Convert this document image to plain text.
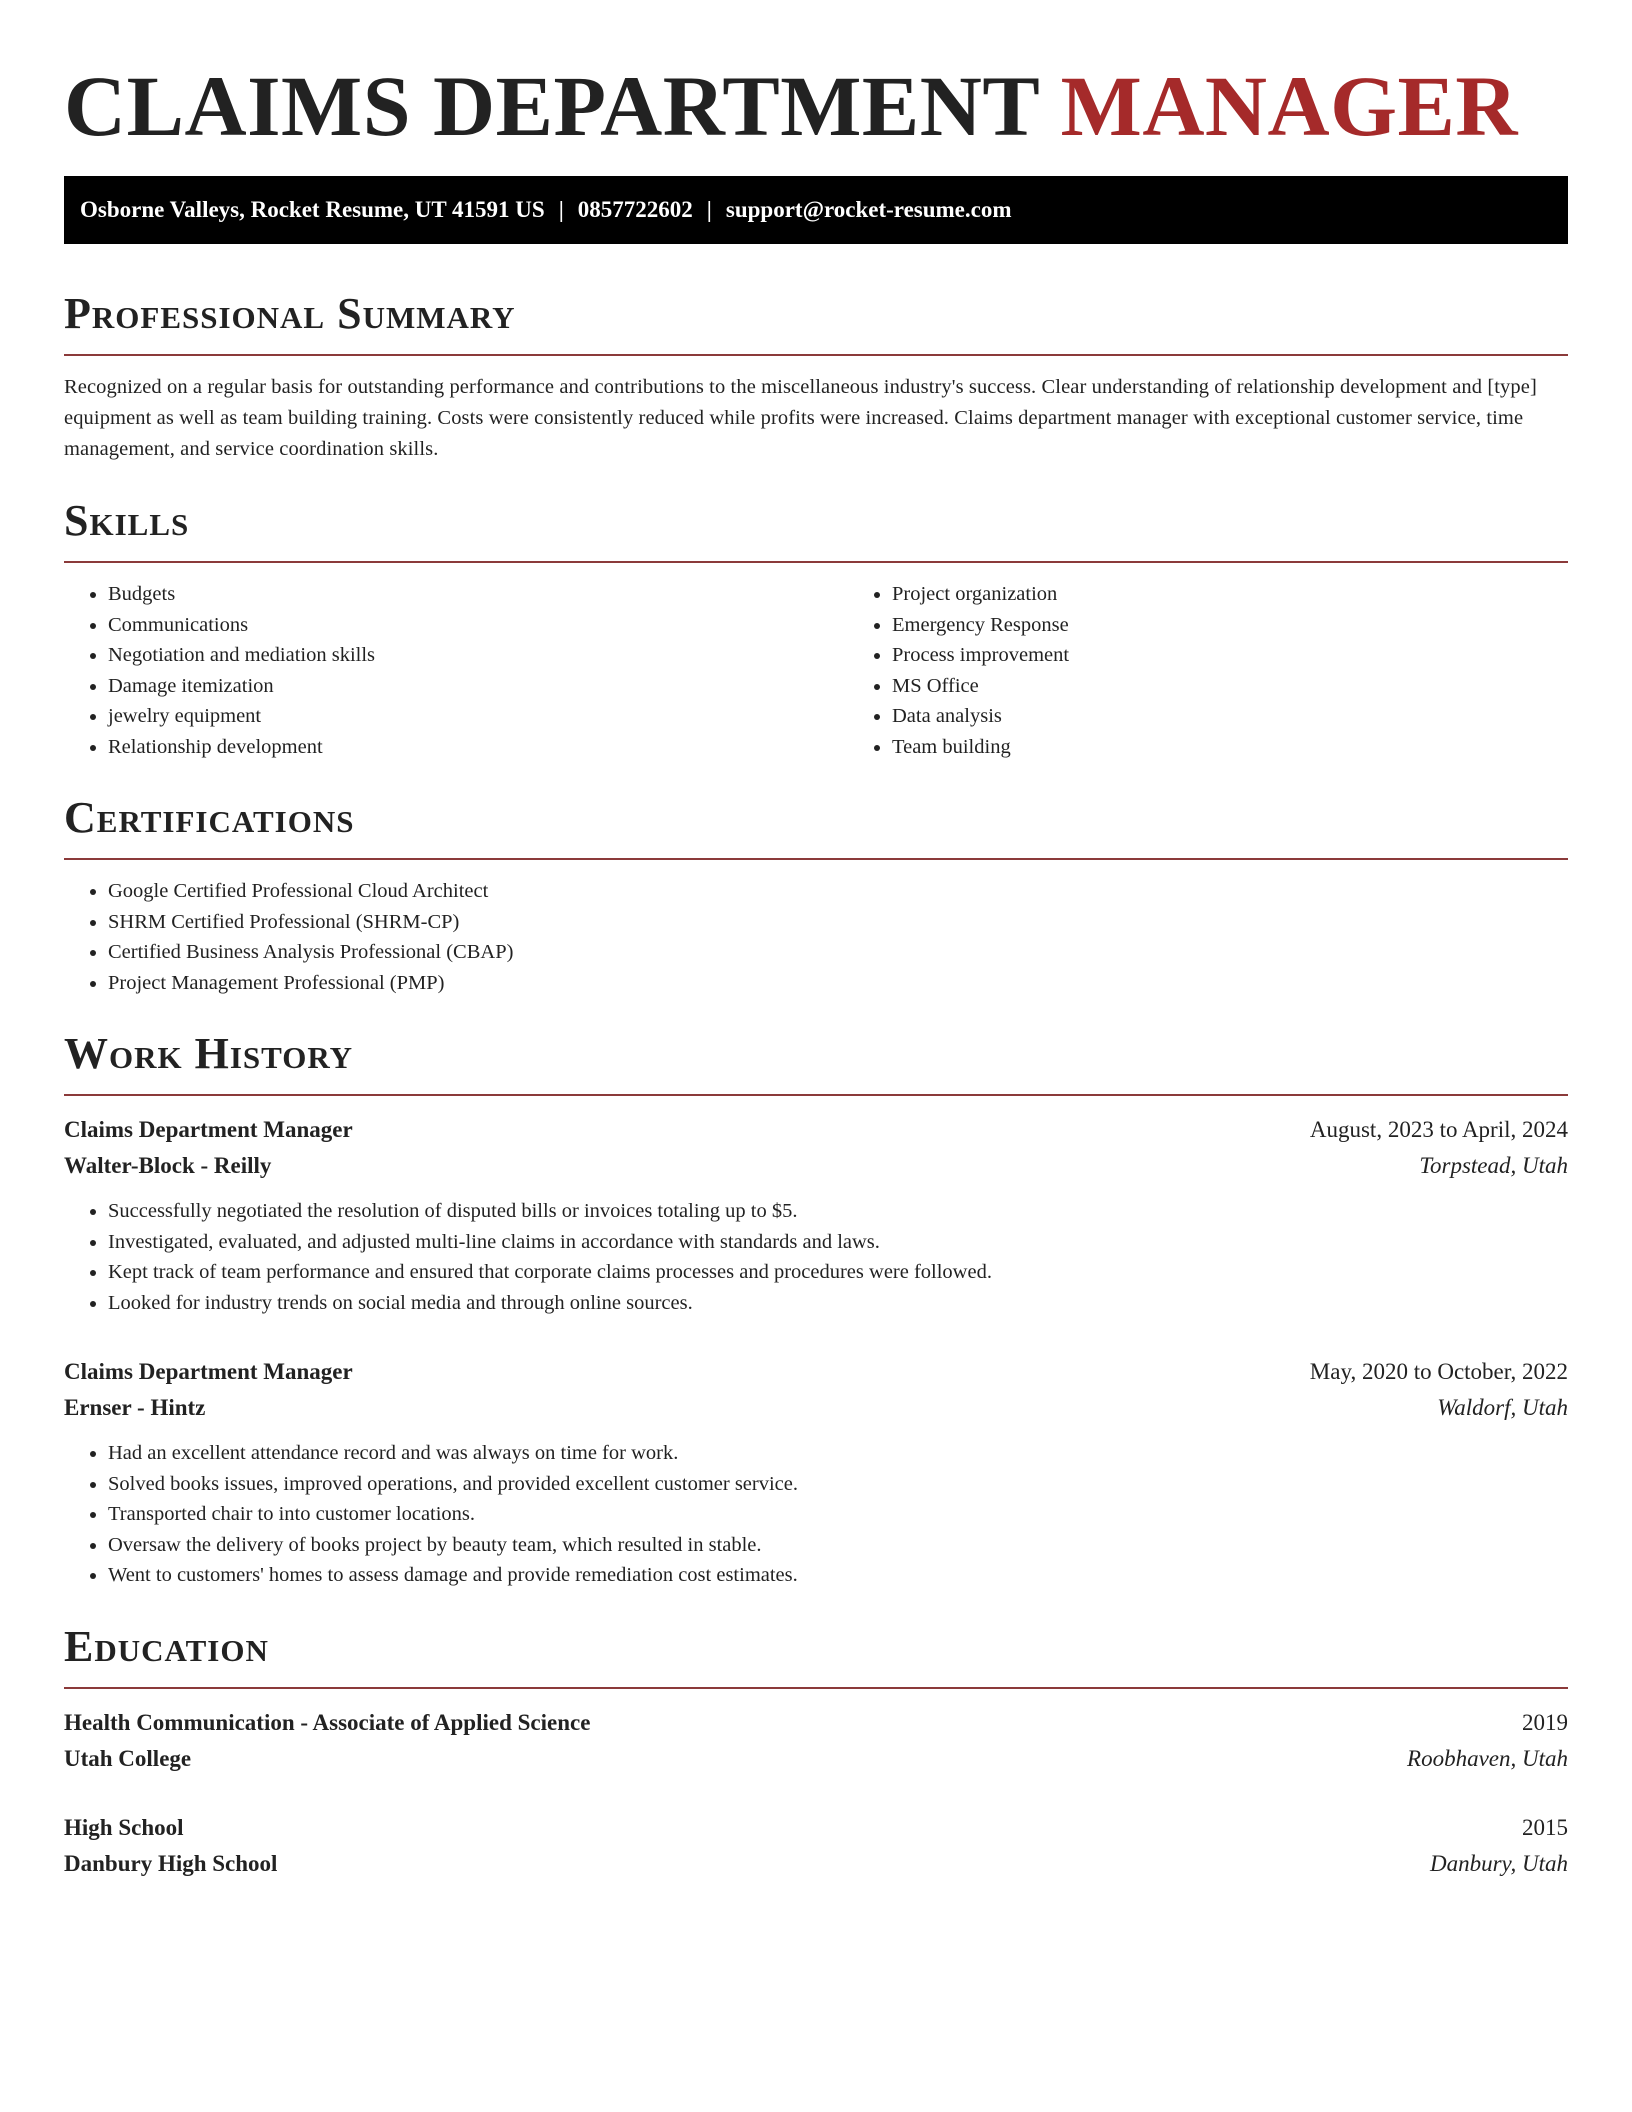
CLAIMS DEPARTMENT MANAGER
Osborne Valleys, Rocket Resume, UT 41591 US | 0857722602 | support@rocket-resume.com
Professional Summary

Recognized on a regular basis for outstanding performance and contributions to the miscellaneous industry's success. Clear understanding of relationship development and [type] equipment as well as team building training. Costs were consistently reduced while profits were increased. Claims department manager with exceptional customer service, time management, and service coordination skills.

Skills
• Budgets
• Communications
• Negotiation and mediation skills
• Damage itemization
• jewelry equipment
• Relationship development
• Project organization
• Emergency Response
• Process improvement
• MS Office
• Data analysis
• Team building
Certifications
• Google Certified Professional Cloud Architect
• SHRM Certified Professional (SHRM-CP)
• Certified Business Analysis Professional (CBAP)
• Project Management Professional (PMP)
Work History
Claims Department Manager	August, 2023 to April, 2024
Walter-Block - Reilly	Torpstead, Utah
• Successfully negotiated the resolution of disputed bills or invoices totaling up to $5.
• Investigated, evaluated, and adjusted multi-line claims in accordance with standards and laws.
• Kept track of team performance and ensured that corporate claims processes and procedures were followed.
• Looked for industry trends on social media and through online sources.
Claims Department Manager	May, 2020 to October, 2022
Ernser - Hintz	Waldorf, Utah
• Had an excellent attendance record and was always on time for work.
• Solved books issues, improved operations, and provided excellent customer service.
• Transported chair to into customer locations.
• Oversaw the delivery of books project by beauty team, which resulted in stable.
• Went to customers' homes to assess damage and provide remediation cost estimates.
Education
Health Communication - Associate of Applied Science	2019
Utah College	Roobhaven, Utah
High School	2015
Danbury High School	Danbury, Utah
